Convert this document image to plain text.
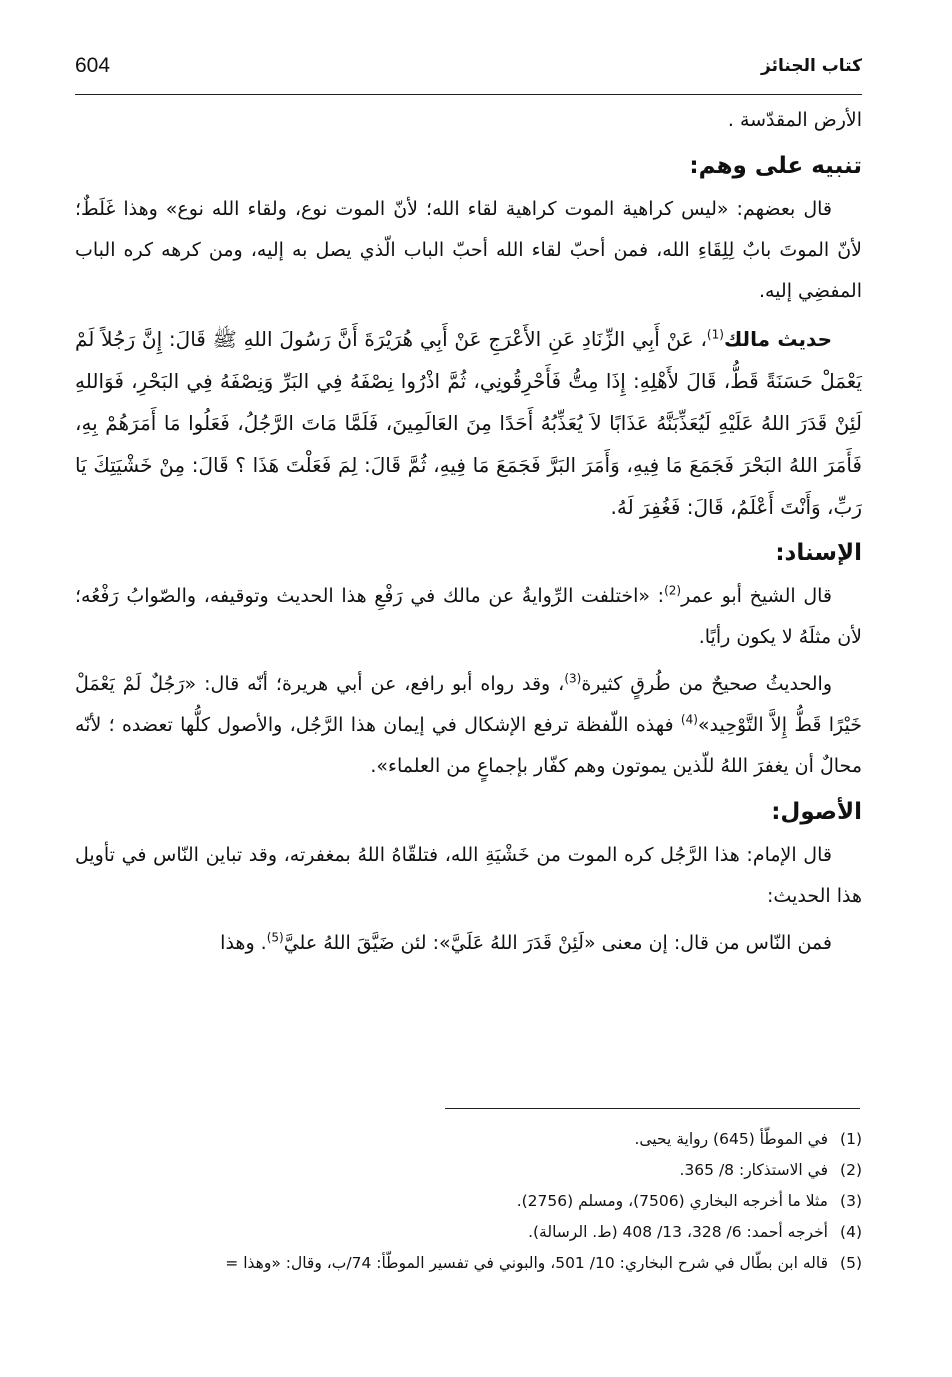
604	كتاب الجنائز

الأرض المقدّسة .

تنبيه على وهم:

قال بعضهم: «ليس كراهية الموت كراهية لقاء الله؛ لأنّ الموت نوع، ولقاء الله نوع» وهذا غَلَطٌ؛ لأنّ الموتَ بابٌ لِلِقَاءِ الله، فمن أحبّ لقاء الله أحبّ الباب الّذي يصل به إليه، ومن كرهه كره الباب المفضِي إليه.

حديث مالك$^{(1)}$، عَنْ أَبِي الزِّنَادِ عَنِ الأَعْرَجِ عَنْ أَبِي هُرَيْرَةَ أَنَّ رَسُولَ اللهِ ﷺ قَالَ: إِنَّ رَجُلاً لَمْ يَعْمَلْ حَسَنَةً قَطُّ، قَالَ لأَهْلِهِ: إِذَا مِتُّ فَأَحْرِقُونِي، ثُمَّ اذْرُوا نِصْفَهُ فِي البَرِّ وَنِصْفَهُ فِي البَحْرِ، فَوَاللهِ لَئِنْ قَدَرَ اللهُ عَلَيْهِ لَيُعَذِّبَنَّهُ عَذَابًا لاَ يُعَذِّبُهُ أَحَدًا مِنَ العَالَمِينَ، فَلَمَّا مَاتَ الرَّجُلُ، فَعَلُوا مَا أَمَرَهُمْ بِهِ، فَأَمَرَ اللهُ البَحْرَ فَجَمَعَ مَا فِيهِ، وَأَمَرَ البَرَّ فَجَمَعَ مَا فِيهِ، ثُمَّ قَالَ: لِمَ فَعَلْتَ هَذَا ؟ قَالَ: مِنْ خَشْيَتِكَ يَا رَبِّ، وَأَنْتَ أَعْلَمُ، قَالَ: فَغُفِرَ لَهُ.

الإسناد:

قال الشيخ أبو عمر$^{(2)}$: «اختلفت الرِّوايةُ عن مالك في رَفْعِ هذا الحديث وتوقيفه، والصّوابُ رَفْعُه؛ لأن مثلَهُ لا يكون رأيًا.

والحديثُ صحيحٌ من طُرقٍ كثيرة$^{(3)}$، وقد رواه أبو رافع، عن أبي هريرة؛ أنّه قال: «رَجُلٌ لَمْ يَعْمَلْ خَيْرًا قَطُّ إِلاَّ التَّوْحِيد»$^{(4)}$ فهذه اللّفظة ترفع الإشكال في إيمان هذا الرَّجُل، والأصول كلُّها تعضده ؛ لأنّه محالٌ أن يغفرَ اللهُ للّذين يموتون وهم كفّار بإجماعٍ من العلماء».

الأصول:

قال الإمام: هذا الرَّجُل كره الموت من خَشْيَةِ الله، فتلقّاهُ اللهُ بمغفرته، وقد تباين النّاس في تأويل هذا الحديث:

فمن النّاس من قال: إن معنى «لَئِنْ قَدَرَ اللهُ عَلَيَّ»: لئن ضَيَّقَ اللهُ عليَّ$^{(5)}$. وهذا

(1)في الموطّأ (645) رواية يحيى.
(2)في الاستذكار: 8/ 365.
(3)مثلا ما أخرجه البخاري (7506)، ومسلم (2756).
(4)أخرجه أحمد: 6/ 328، 13/ 408 (ط. الرسالة).
(5)قاله ابن بطّال في شرح البخاري: 10/ 501، والبوني في تفسير الموطّأ: 74/ب، وقال: «وهذا =
